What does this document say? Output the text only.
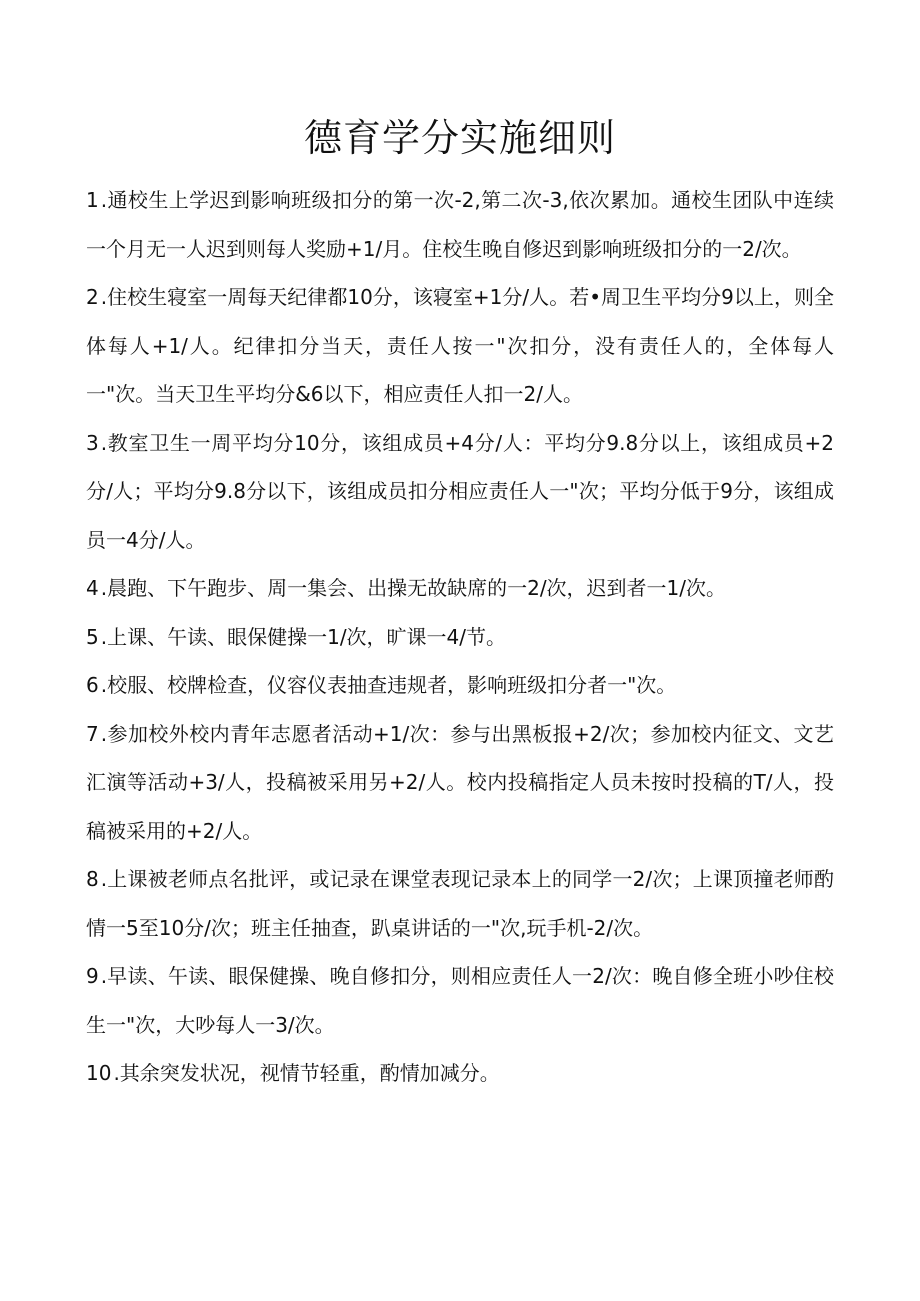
德育学分实施细则

1 .通校生上学迟到影响班级扣分的第一次-2,第二次-3,依次累加。通校生团队中连续一个月无一人迟到则每人奖励+1/月。住校生晚自修迟到影响班级扣分的一2/次。

2 .住校生寝室一周每天纪律都10分，该寝室+1分/人。若•周卫生平均分9以上，则全体每人+1/人。纪律扣分当天，责任人按一"次扣分，没有责任人的，全体每人一"次。当天卫生平均分&6以下，相应责任人扣一2/人。

3 .教室卫生一周平均分10分，该组成员+4分/人：平均分9.8分以上，该组成员+2分/人；平均分9.8分以下，该组成员扣分相应责任人一"次；平均分低于9分，该组成员一4分/人。

4 .晨跑、下午跑步、周一集会、出操无故缺席的一2/次，迟到者一1/次。

5 .上课、午读、眼保健操一1/次，旷课一4/节。

6 .校服、校牌检查，仪容仪表抽查违规者，影响班级扣分者一"次。

7 .参加校外校内青年志愿者活动+1/次：参与出黑板报+2/次；参加校内征文、文艺汇演等活动+3/人，投稿被采用另+2/人。校内投稿指定人员未按时投稿的T/人，投稿被采用的+2/人。

8 .上课被老师点名批评，或记录在课堂表现记录本上的同学一2/次；上课顶撞老师酌情一5至10分/次；班主任抽查，趴桌讲话的一"次,玩手机-2/次。

9 .早读、午读、眼保健操、晚自修扣分，则相应责任人一2/次：晚自修全班小吵住校生一"次，大吵每人一3/次。

10 .其余突发状况，视情节轻重，酌情加减分。
